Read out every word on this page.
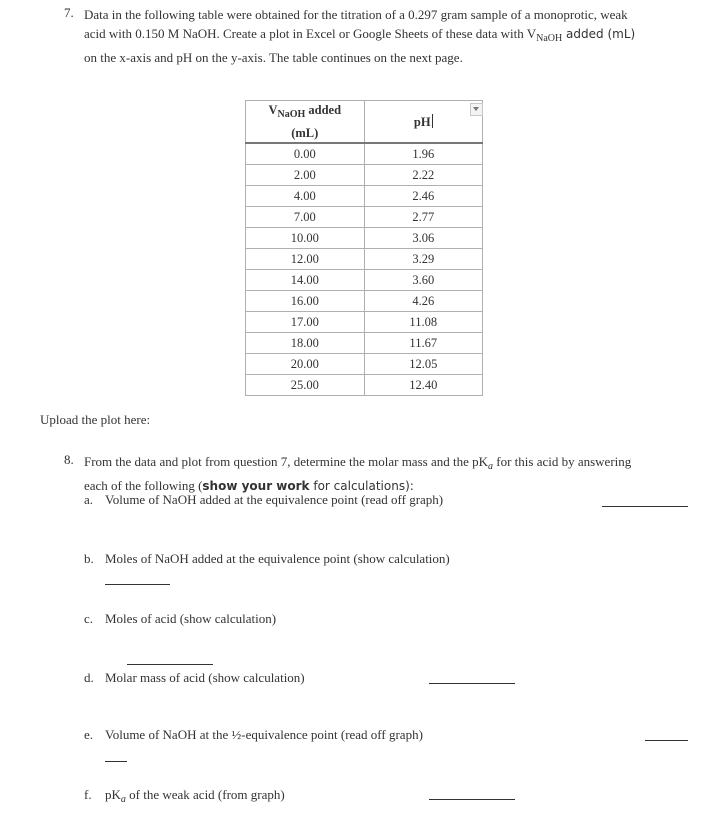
7. Data in the following table were obtained for the titration of a 0.297 gram sample of a monoprotic, weak
acid with 0.150 M NaOH. Create a plot in Excel or Google Sheets of these data with $V_{NaOH}$ added (mL)
on the x-axis and pH on the y-axis. The table continues on the next page.
$V_{NaOH}$ added
(mL)	pH
0.00	1.96
2.00	2.22
4.00	2.46
7.00	2.77
10.00	3.06
12.00	3.29
14.00	3.60
16.00	4.26
17.00	11.08
18.00	11.67
20.00	12.05
25.00	12.40
Upload the plot here:
8. From the data and plot from question 7, determine the molar mass and the $pK_a$ for this acid by answering
each of the following (show your work for calculations):
a. Volume of NaOH added at the equivalence point (read off graph)
b. Moles of NaOH added at the equivalence point (show calculation)
c. Moles of acid (show calculation)
d. Molar mass of acid (show calculation)
e. Volume of NaOH at the ½-equivalence point (read off graph)
f. $pK_a$ of the weak acid (from graph)
